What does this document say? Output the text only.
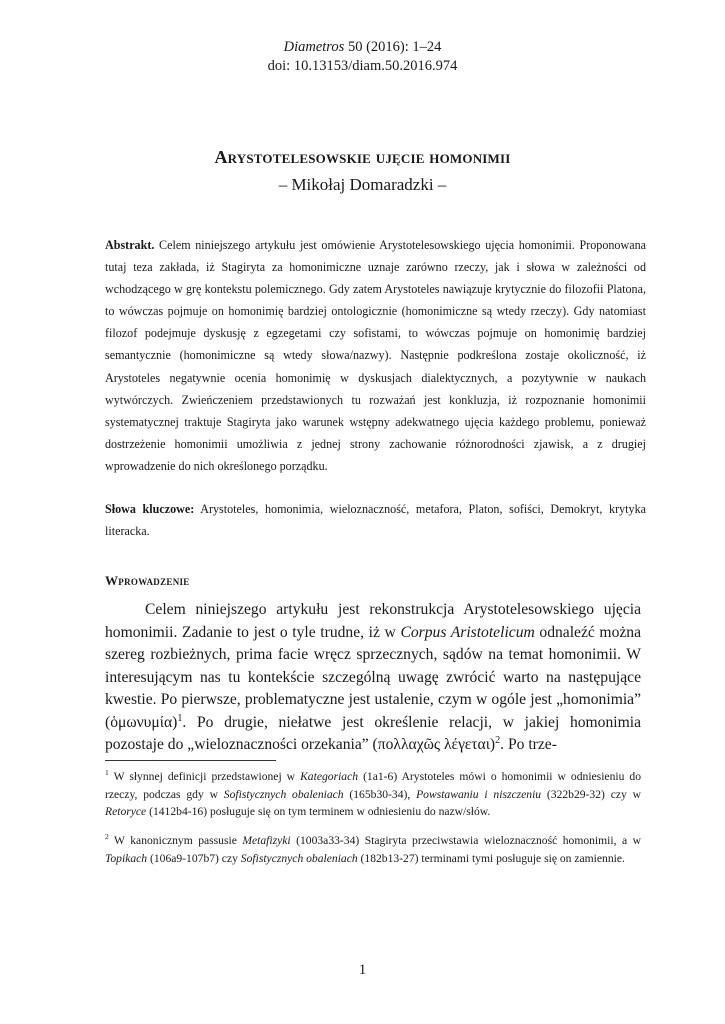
Diametros 50 (2016): 1–24
doi: 10.13153/diam.50.2016.974
Arystotelesowskie ujęcie homonimii
– Mikołaj Domaradzki –
Abstrakt. Celem niniejszego artykułu jest omówienie Arystotelesowskiego ujęcia homonimii. Proponowana tutaj teza zakłada, iż Stagiryta za homonimiczne uznaje zarówno rzeczy, jak i słowa w zależności od wchodzącego w grę kontekstu polemicznego. Gdy zatem Arystoteles nawiązuje krytycznie do filozofii Platona, to wówczas pojmuje on homonimię bardziej ontologicznie (homonimiczne są wtedy rzeczy). Gdy natomiast filozof podejmuje dyskusję z egzegetami czy sofistami, to wówczas pojmuje on homonimię bardziej semantycznie (homonimiczne są wtedy słowa/nazwy). Następnie podkreślona zostaje okoliczność, iż Arystoteles negatywnie ocenia homonimię w dyskusjach dialektycznych, a pozytywnie w naukach wytwórczych. Zwieńczeniem przedstawionych tu rozważań jest konkluzja, iż rozpoznanie homonimii systematycznej traktuje Stagiryta jako warunek wstępny adekwatnego ujęcia każdego problemu, ponieważ dostrzeżenie homonimii umożliwia z jednej strony zachowanie różnorodności zjawisk, a z drugiej wprowadzenie do nich określonego porządku.
Słowa kluczowe: Arystoteles, homonimia, wieloznaczność, metafora, Platon, sofiści, Demokryt, krytyka literacka.
Wprowadzenie

Celem niniejszego artykułu jest rekonstrukcja Arystotelesowskiego ujęcia homonimii. Zadanie to jest o tyle trudne, iż w Corpus Aristotelicum odnaleźć można szereg rozbieżnych, prima facie wręcz sprzecznych, sądów na temat homonimii. W interesującym nas tu kontekście szczególną uwagę zwrócić warto na następujące kwestie. Po pierwsze, problematyczne jest ustalenie, czym w ogóle jest „homonimia” (ὁμωνυμία)$^1$. Po drugie, niełatwe jest określenie relacji, w jakiej homonimia pozostaje do „wieloznaczności orzekania” (πολλαχῶς λέγεται)$^2$. Po trze-

$^1$ W słynnej definicji przedstawionej w Kategoriach (1a1-6) Arystoteles mówi o homonimii w odniesieniu do rzeczy, podczas gdy w Sofistycznych obaleniach (165b30-34), Powstawaniu i niszczeniu (322b29-32) czy w Retoryce (1412b4-16) posługuje się on tym terminem w odniesieniu do nazw/słów.
$^2$ W kanonicznym passusie Metafizyki (1003a33-34) Stagiryta przeciwstawia wieloznaczność homonimii, a w Topikach (106a9-107b7) czy Sofistycznych obaleniach (182b13-27) terminami tymi posługuje się on zamiennie.
1
